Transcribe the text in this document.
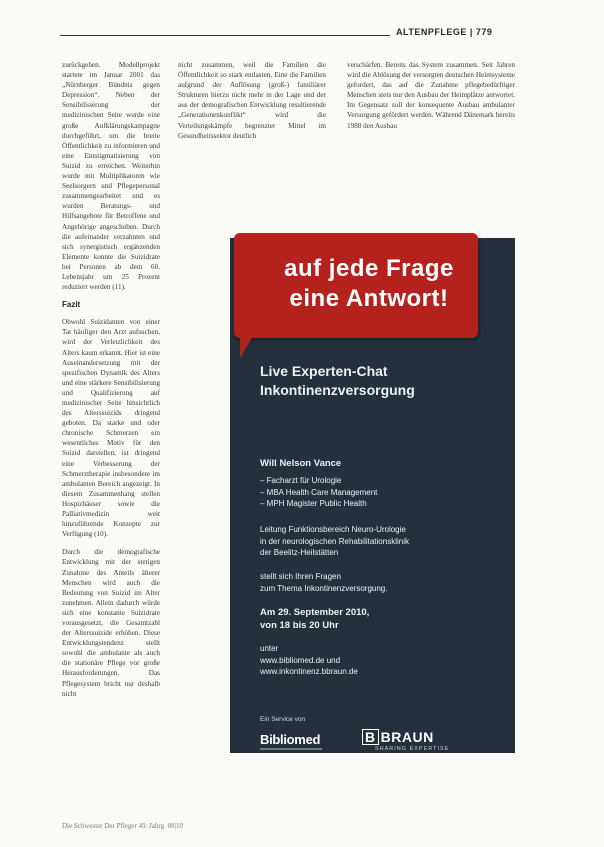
ALTENPFLEGE | 779

zurückgehen. Modellprojekt startete im Januar 2001 das „Nürnberger Bündnis gegen Depression“. Neben der Sensibilisierung der medizinischen Seite wurde eine große Aufklärungskampagne durchgeführt, um die breite Öffentlichkeit zu informieren und eine Entstigmatisierung von Suizid zu erreichen. Weiterhin wurde mit Multiplikatoren wie Seelsorgern und Pflegepersonal zusammengearbeitet und es wurden Beratungs- und Hilfsangebote für Betroffene und Angehörige angeschoben. Durch die aufeinander verzahnten und sich synergistisch ergänzenden Elemente konnte die Suizidrate bei Personen ab dem 60. Lebensjahr um 25 Prozent reduziert werden (11).

Fazit

Obwohl Suizidanten von einer Tat häufiger den Arzt aufsuchen, wird der Verletzlichkeit des Alters kaum erkannt. Hier ist eine Auseinandersetzung mit der spezifischen Dynamik des Alters und eine stärkere Sensibilisierung und Qualifizierung auf medizinischer Seite hinsichtlich des Alterssuizids dringend geboten. Da starke und oder chronische Schmerzen ein wesentliches Motiv für den Suizid darstellen, ist dringend eine Verbesserung der Schmerztherapie insbesondere im ambulanten Bereich angezeigt. In diesem Zusammenhang stellen Hospizhäuser sowie die Palliativmedizin weit hinzuführende Konzepte zur Verfügung (10).

Durch die demografische Entwicklung mit der stetigen Zunahme des Anteils älterer Menschen wird auch die Bedeutung von Suizid im Alter zunehmen. Allein dadurch würde sich eine konstante Suizidrate vorausgesetzt, die Gesamtzahl der Alterssuizide erhöhen. Diese Entwicklungstendenz stellt sowohl die ambulante als auch die stationäre Pflege vor große Herausforderungen. Das Pflegesystem bricht nur deshalb nicht

nicht zusammen, weil die Familien die Öffentlichkeit so stark entlasten. Eine die Familien aufgrund der Auflösung (groß-) familiärer Strukturen hierzu nicht mehr in der Lage und der aus der demografischen Entwicklung resultierende „Generationenkonflikt“ wird die Verteilungskämpfe begrenzter Mittel im Gesundheitssektor deutlich

verschärfen. Bereits das System zusammen. Seit Jahren wird die Ablösung der versorgten deutschen Heimsysteme gefordert, das auf die Zunahme pflegebedürftiger Menschen stets nur den Ausbau der Heimplätze antwortet. Im Gegensatz soll der konsequente Ausbau ambulanter Versorgung gefördert werden. Während Dänemark bereits 1988 den Ausbau

auf jede Frage
eine Antwort!
Live Experten-Chat
Inkontinenzversorgung
Will Nelson Vance
– Facharzt für Urologie
– MBA Health Care Management
– MPH Magister Public Health
Leitung Funktionsbereich Neuro-Urologie
in der neurologischen Rehabilitationsklinik
der Beelitz-Heilstätten
stellt sich Ihren Fragen
zum Thema Inkontinenzversorgung.
Am 29. September 2010,
von 18 bis 20 Uhr
unter
www.bibliomed.de und
www.inkontinenz.bbraun.de
Ein Service von
Bibliomed	B BRAUN
SHARING EXPERTISE
Die Schwester Der Pfleger 49. Jahrg. 08|10
